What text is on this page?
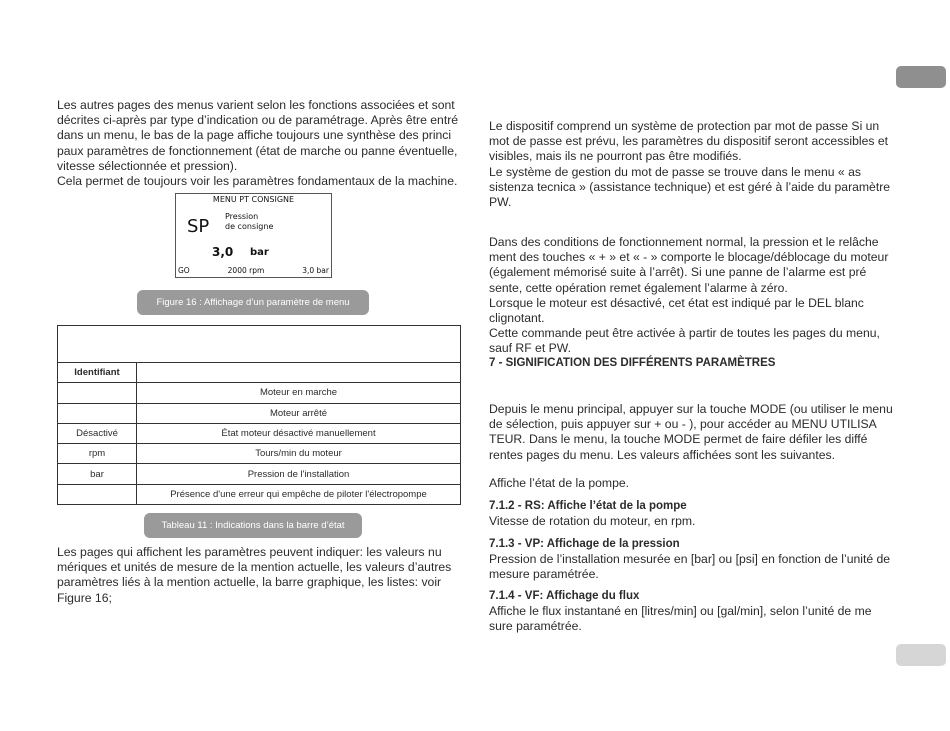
Les autres pages des menus varient selon les fonctions associées et sont

décrites ci-après par type d’indication ou de paramétrage. Après être entré

dans un menu, le bas de la page affiche toujours une synthèse des princi

paux paramètres de fonctionnement (état de marche ou panne éventuelle,

vitesse sélectionnée et pression).

Cela permet de toujours voir les paramètres fondamentaux de la machine.

MENU PT CONSIGNE
SP Pression
de consigne
3,0 bar
GO	2000 rpm	3,0 bar
Figure 16 : Affichage d’un paramètre de menu

Identifiant	
	Moteur en marche
	Moteur arrêté
Désactivé	État moteur désactivé manuellement
rpm	Tours/min du moteur
bar	Pression de l'installation
	Présence d'une erreur qui empêche de piloter l'électropompe
Tableau 11 : Indications dans la barre d’état

Les pages qui affichent les paramètres peuvent indiquer: les valeurs nu

mériques et unités de mesure de la mention actuelle, les valeurs d’autres

paramètres liés à la mention actuelle, la barre graphique, les listes: voir

Figure 16;

Le dispositif comprend un système de protection par mot de passe Si un

mot de passe est prévu, les paramètres du dispositif seront accessibles et

visibles, mais ils ne pourront pas être modifiés.

Le système de gestion du mot de passe se trouve dans le menu « as

sistenza tecnica » (assistance technique) et est géré à l’aide du paramètre

PW.

Dans des conditions de fonctionnement normal, la pression et le relâche

ment des touches « + » et « - » comporte le blocage/déblocage du moteur

(également mémorisé suite à l’arrêt). Si une panne de l’alarme est pré

sente, cette opération remet également l’alarme à zéro.

Lorsque le moteur est désactivé, cet état est indiqué par le DEL blanc

clignotant.

Cette commande peut être activée à partir de toutes les pages du menu,

sauf RF et PW.

7 - SIGNIFICATION DES DIFFÉRENTS PARAMÈTRES

Depuis le menu principal, appuyer sur la touche MODE (ou utiliser le menu

de sélection, puis appuyer sur + ou - ), pour accéder au MENU UTILISA

TEUR. Dans le menu, la touche MODE permet de faire défiler les diffé

rentes pages du menu. Les valeurs affichées sont les suivantes.

Affiche l’état de la pompe.

7.1.2 - RS: Affiche l’état de la pompe

Vitesse de rotation du moteur, en rpm.

7.1.3 - VP: Affichage de la pression

Pression de l’installation mesurée en [bar] ou [psi] en fonction de l’unité de

mesure paramétrée.

7.1.4 - VF: Affichage du flux

Affiche le flux instantané en [litres/min] ou [gal/min], selon l’unité de me

sure paramétrée.
